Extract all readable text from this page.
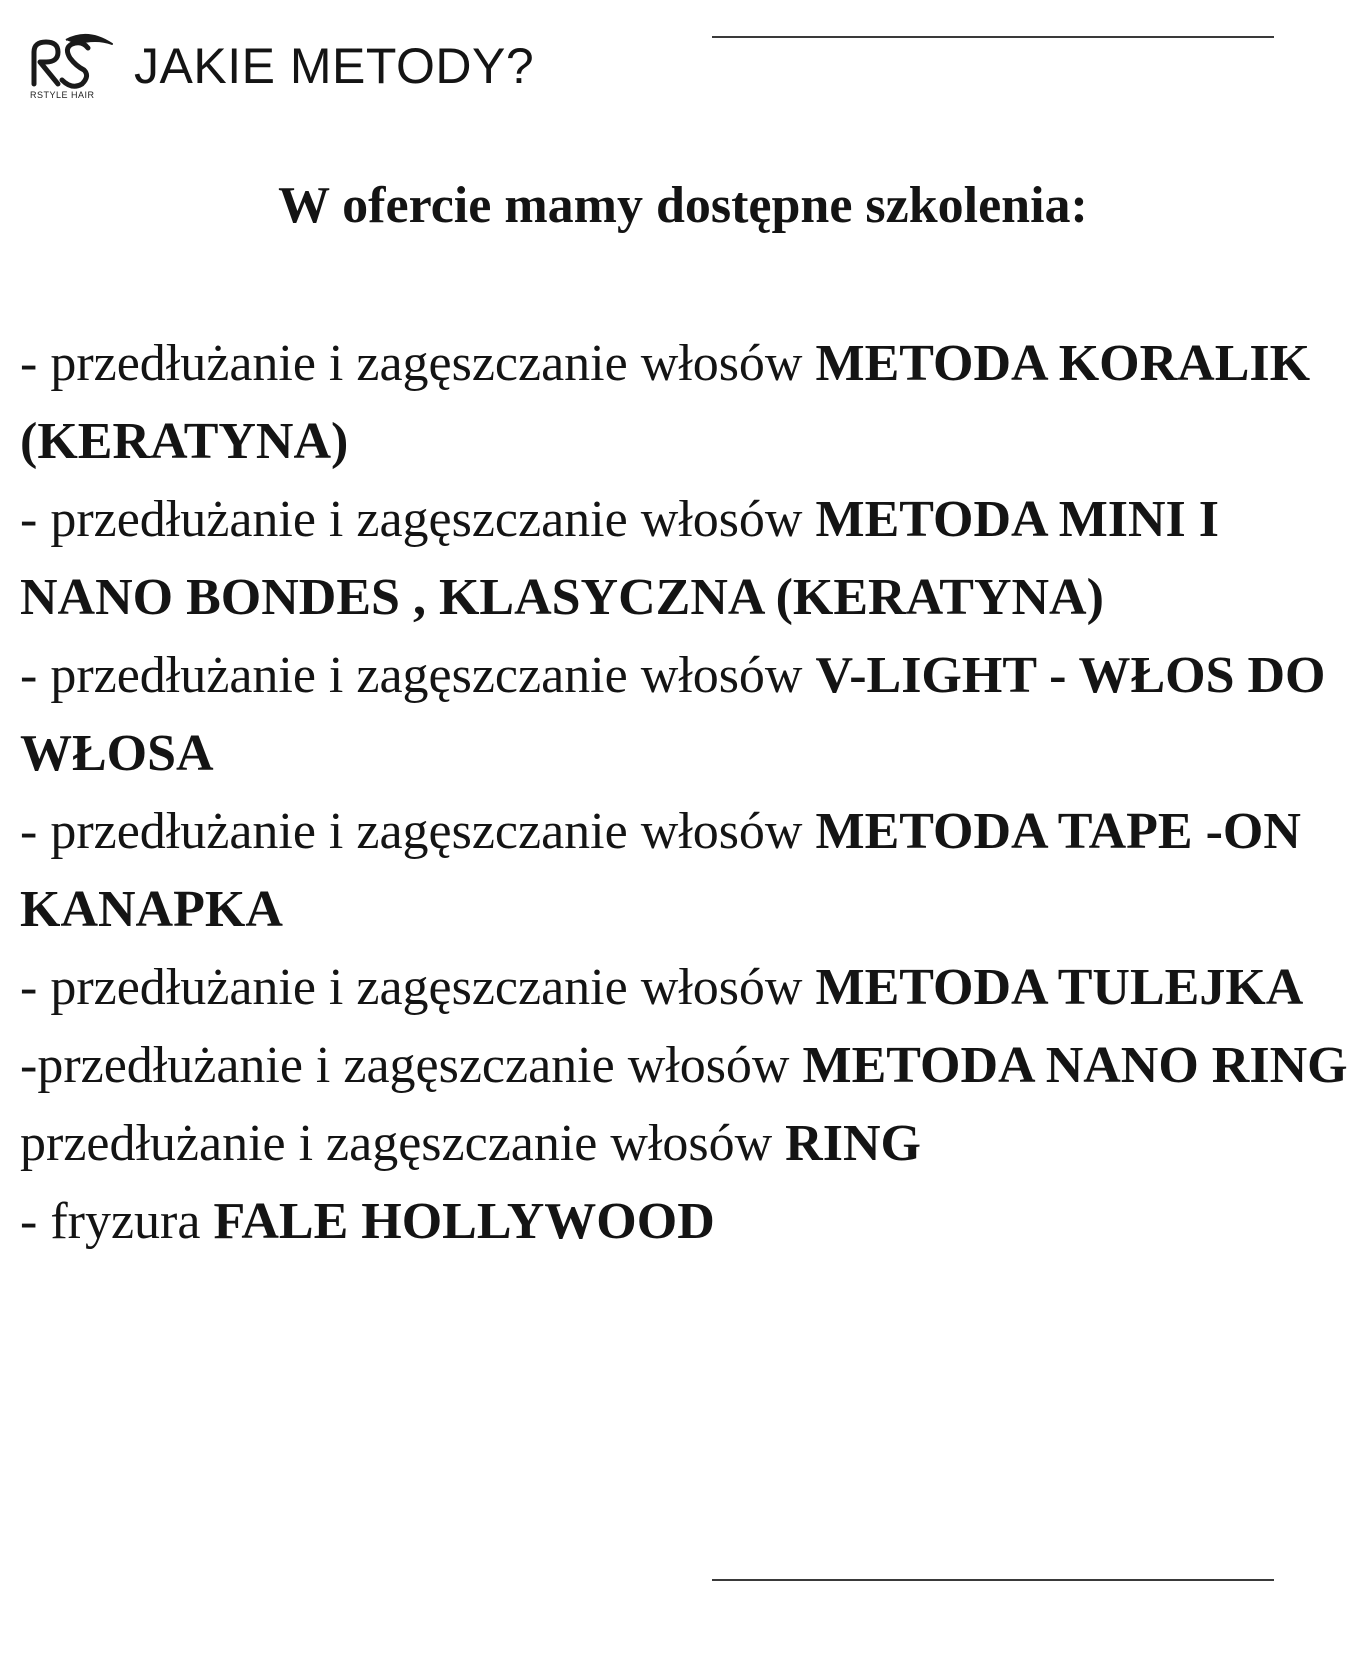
RSTYLE HAIR
JAKIE METODY?
W ofercie mamy dostępne szkolenia:
- przedłużanie i zagęszczanie włosów METODA KORALIK (KERATYNA)
- przedłużanie i zagęszczanie włosów METODA MINI I NANO BONDES , KLASYCZNA (KERATYNA)
- przedłużanie i zagęszczanie włosów V-LIGHT - WŁOS DO WŁOSA
- przedłużanie i zagęszczanie włosów METODA TAPE -ON KANAPKA
- przedłużanie i zagęszczanie włosów METODA TULEJKA
-przedłużanie i zagęszczanie włosów METODA NANO RING
przedłużanie i zagęszczanie włosów RING
- fryzura FALE HOLLYWOOD
